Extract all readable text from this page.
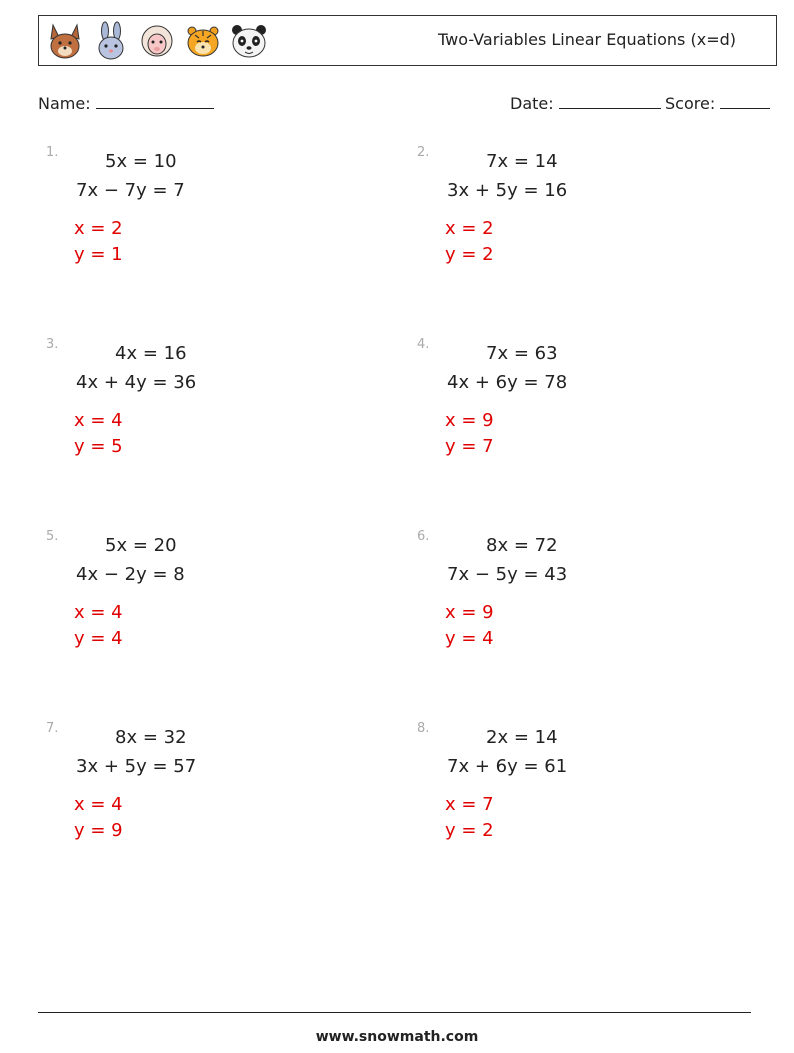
Two-Variables Linear Equations (x=d)
Name:	Date:	Score:
1.	5x = 10
7x − 7y = 7
x = 2
y = 1
2.	7x = 14
3x + 5y = 16
x = 2
y = 2
3.	4x = 16
4x + 4y = 36
x = 4
y = 5
4.	7x = 63
4x + 6y = 78
x = 9
y = 7
5.	5x = 20
4x − 2y = 8
x = 4
y = 4
6.	8x = 72
7x − 5y = 43
x = 9
y = 4
7.	8x = 32
3x + 5y = 57
x = 4
y = 9
8.	2x = 14
7x + 6y = 61
x = 7
y = 2
www.snowmath.com
